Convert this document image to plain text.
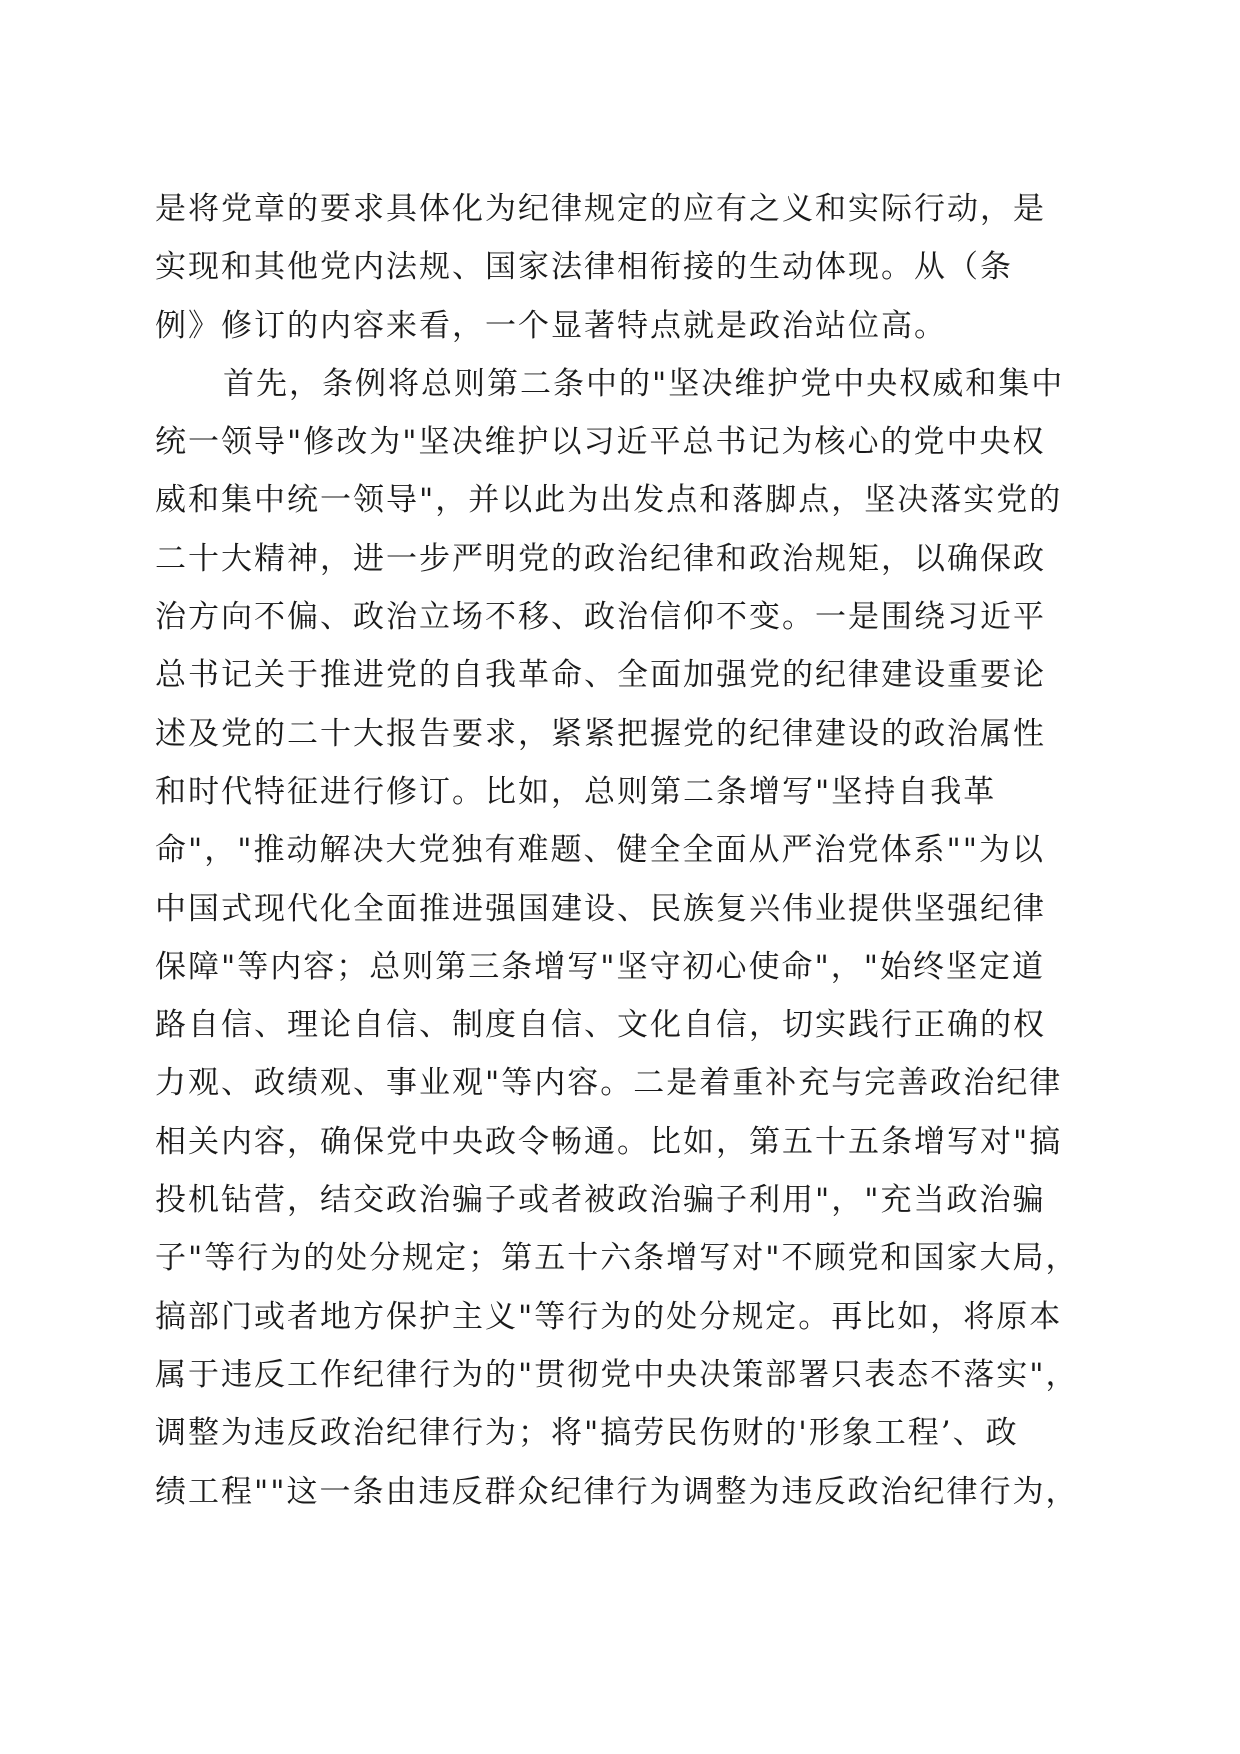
是将党章的要求具体化为纪律规定的应有之义和实际行动，是
实现和其他党内法规、国家法律相衔接的生动体现。从（条
例》修订的内容来看，一个显著特点就是政治站位高。
首先，条例将总则第二条中的"坚决维护党中央权威和集中
统一领导"修改为"坚决维护以习近平总书记为核心的党中央权
威和集中统一领导"，并以此为出发点和落脚点，坚决落实党的
二十大精神，进一步严明党的政治纪律和政治规矩，以确保政
治方向不偏、政治立场不移、政治信仰不变。一是围绕习近平
总书记关于推进党的自我革命、全面加强党的纪律建设重要论
述及党的二十大报告要求，紧紧把握党的纪律建设的政治属性
和时代特征进行修订。比如，总则第二条增写"坚持自我革
命"，"推动解决大党独有难题、健全全面从严治党体系""为以
中国式现代化全面推进强国建设、民族复兴伟业提供坚强纪律
保障"等内容；总则第三条增写"坚守初心使命"，"始终坚定道
路自信、理论自信、制度自信、文化自信，切实践行正确的权
力观、政绩观、事业观"等内容。二是着重补充与完善政治纪律
相关内容，确保党中央政令畅通。比如，第五十五条增写对"搞
投机钻营，结交政治骗子或者被政治骗子利用"，"充当政治骗
子"等行为的处分规定；第五十六条增写对"不顾党和国家大局，
搞部门或者地方保护主义"等行为的处分规定。再比如，将原本
属于违反工作纪律行为的"贯彻党中央决策部署只表态不落实"，
调整为违反政治纪律行为；将"搞劳民伤财的'形象工程’、政
绩工程""这一条由违反群众纪律行为调整为违反政治纪律行为，
